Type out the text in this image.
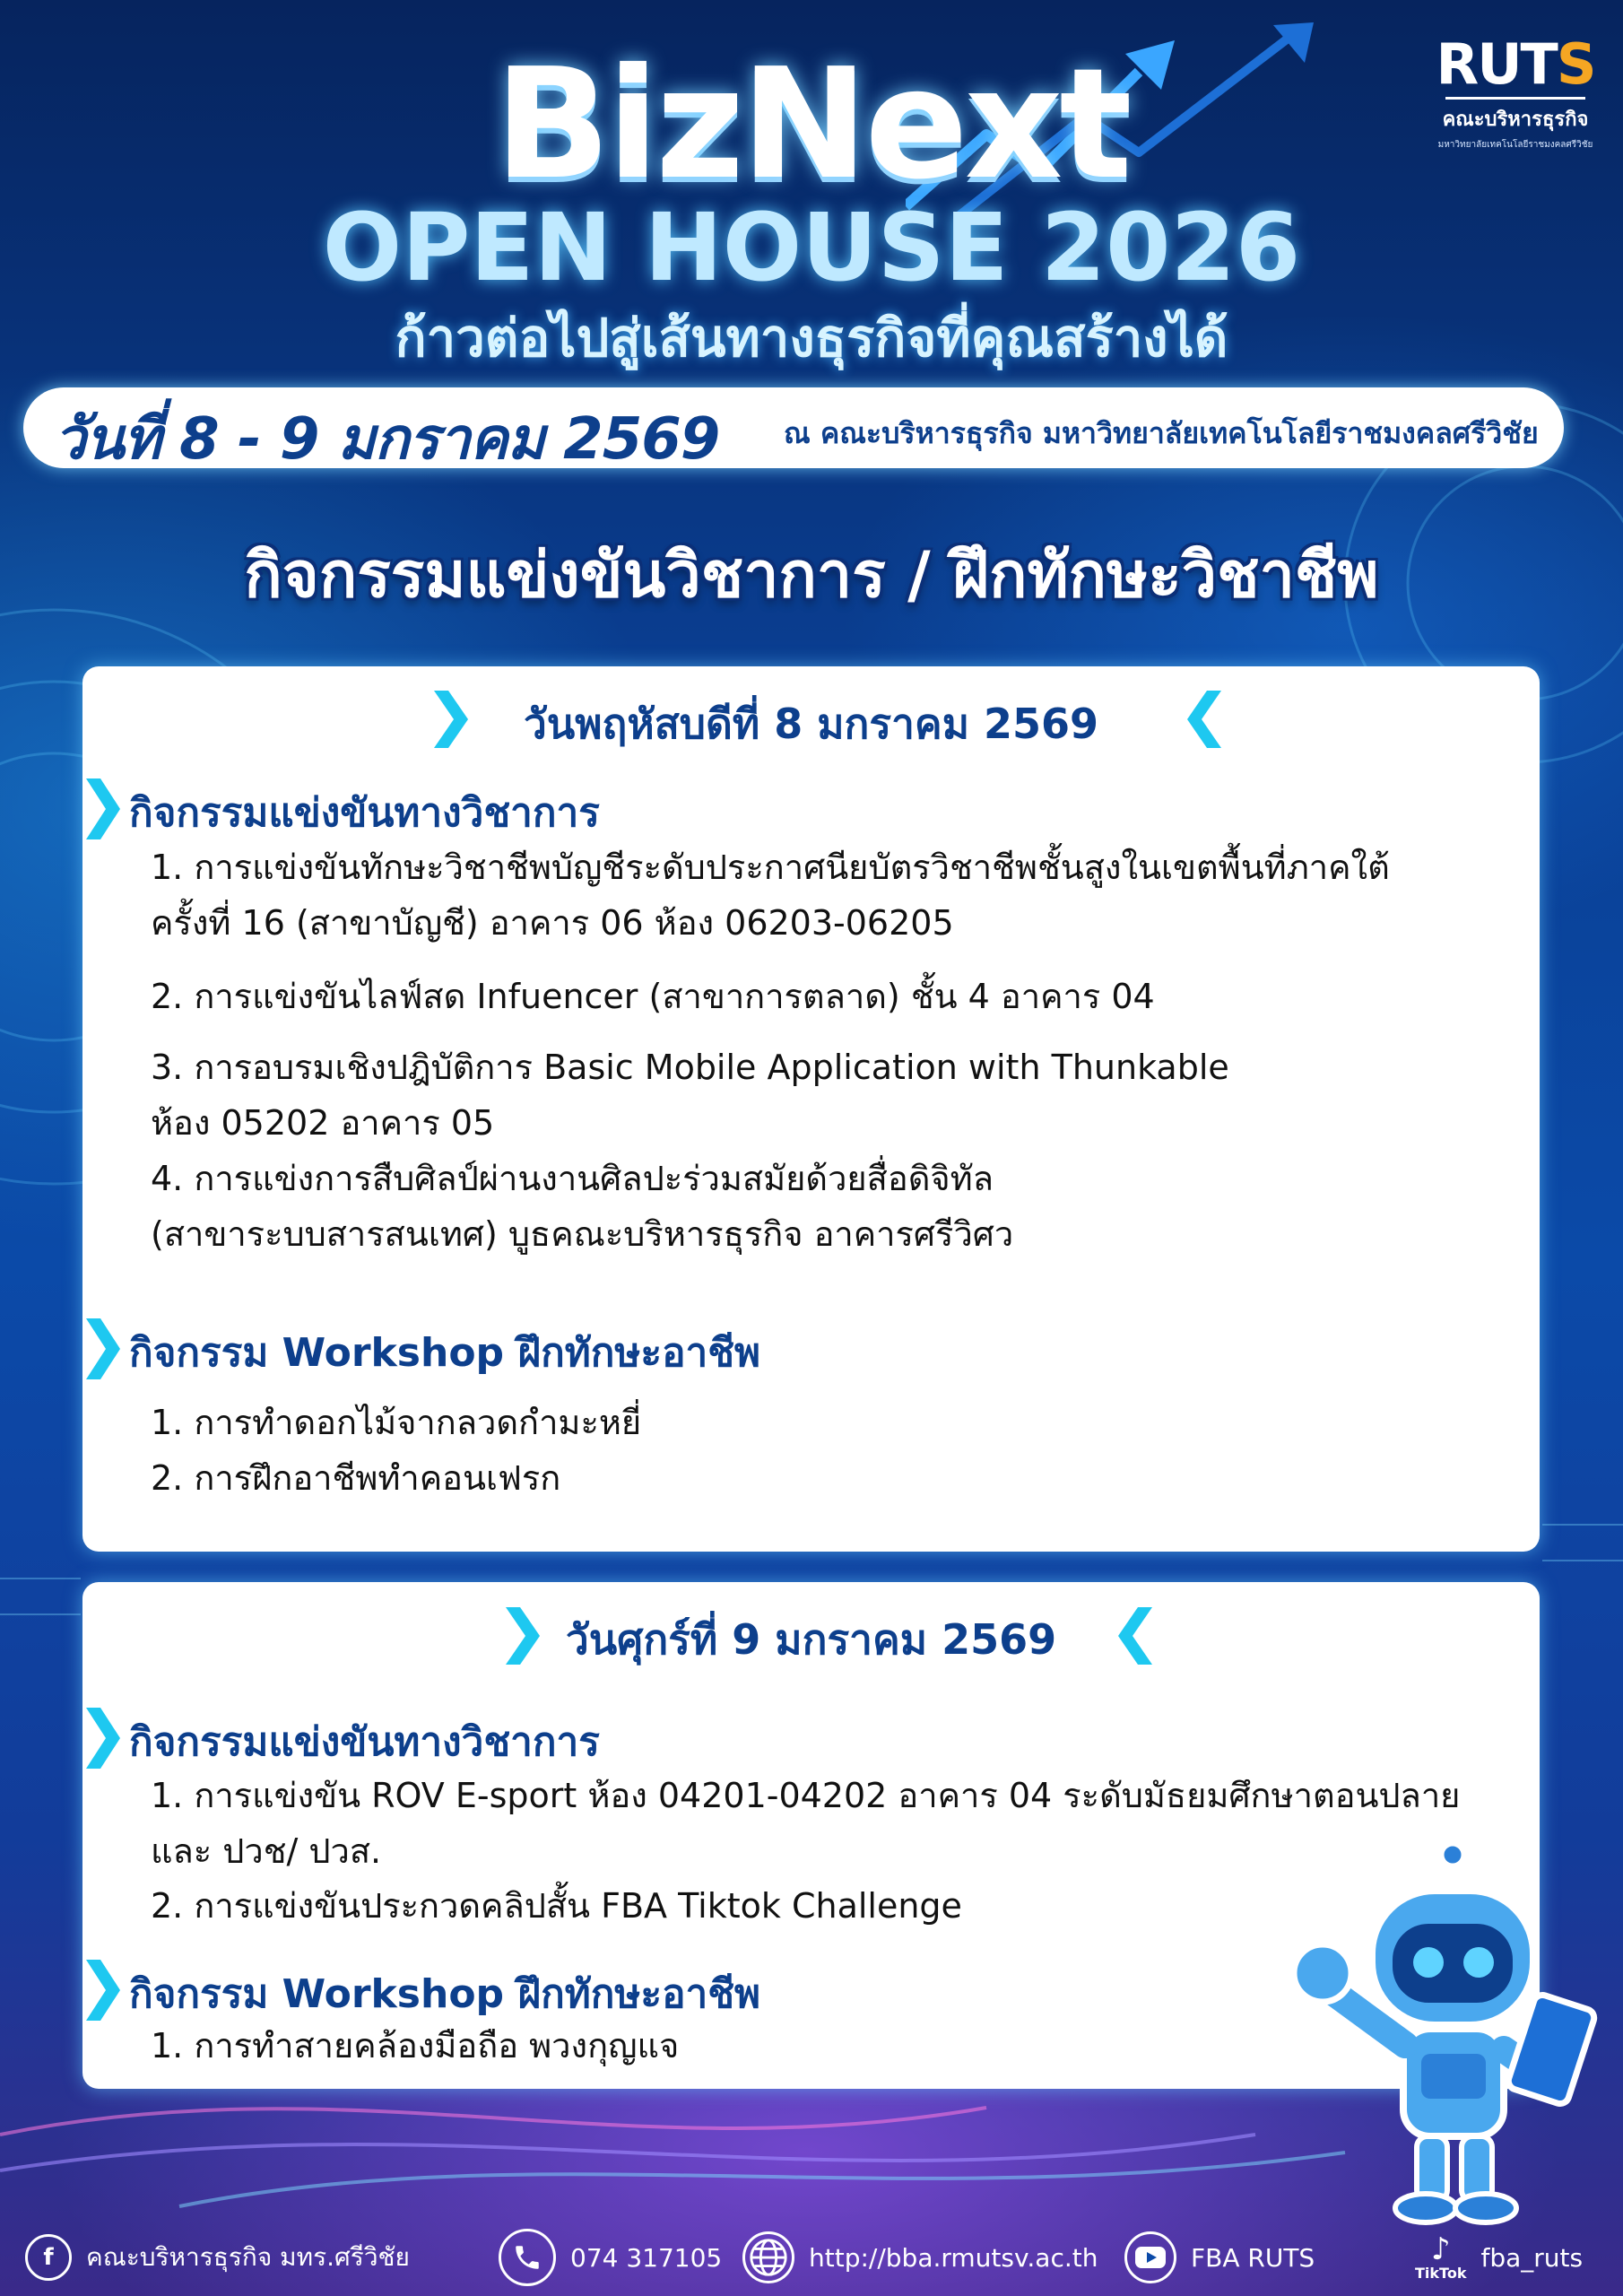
BizNext
OPEN HOUSE 2026
ก้าวต่อไปสู่เส้นทางธุรกิจที่คุณสร้างได้
RUTS
คณะบริหารธุรกิจ
มหาวิทยาลัยเทคโนโลยีราชมงคลศรีวิชัย
วันที่ 8 - 9 มกราคม 2569 ณ คณะบริหารธุรกิจ มหาวิทยาลัยเทคโนโลยีราชมงคลศรีวิชัย
กิจกรรมแข่งขันวิชาการ / ฝึกทักษะวิชาชีพ
วันพฤหัสบดีที่ 8 มกราคม 2569
กิจกรรมแข่งขันทางวิชาการ
1. การแข่งขันทักษะวิชาชีพบัญชีระดับประกาศนียบัตรวิชาชีพชั้นสูงในเขตพื้นที่ภาคใต้
ครั้งที่ 16 (สาขาบัญชี) อาคาร 06 ห้อง 06203-06205
2. การแข่งขันไลฟ์สด Infuencer (สาขาการตลาด) ชั้น 4 อาคาร 04
3. การอบรมเชิงปฎิบัติการ Basic Mobile Application with Thunkable
ห้อง 05202 อาคาร 05
4. การแข่งการสืบศิลป์ผ่านงานศิลปะร่วมสมัยด้วยสื่อดิจิทัล
(สาขาระบบสารสนเทศ) บูธคณะบริหารธุรกิจ อาคารศรีวิศว
กิจกรรม Workshop ฝึกทักษะอาชีพ
1. การทำดอกไม้จากลวดกำมะหยี่
2. การฝึกอาชีพทำคอนเฟรก
วันศุกร์ที่ 9 มกราคม 2569
กิจกรรมแข่งขันทางวิชาการ
1. การแข่งขัน ROV E-sport ห้อง 04201-04202 อาคาร 04 ระดับมัธยมศึกษาตอนปลาย
และ ปวช/ ปวส.
2. การแข่งขันประกวดคลิปสั้น FBA Tiktok Challenge
กิจกรรม Workshop ฝึกทักษะอาชีพ
1. การทำสายคล้องมือถือ พวงกุญแจ
f	คณะบริหารธุรกิจ มทร.ศรีวิชัย	074 317105	http://bba.rmutsv.ac.th	FBA RUTS	♪
TikTok
fba_ruts
